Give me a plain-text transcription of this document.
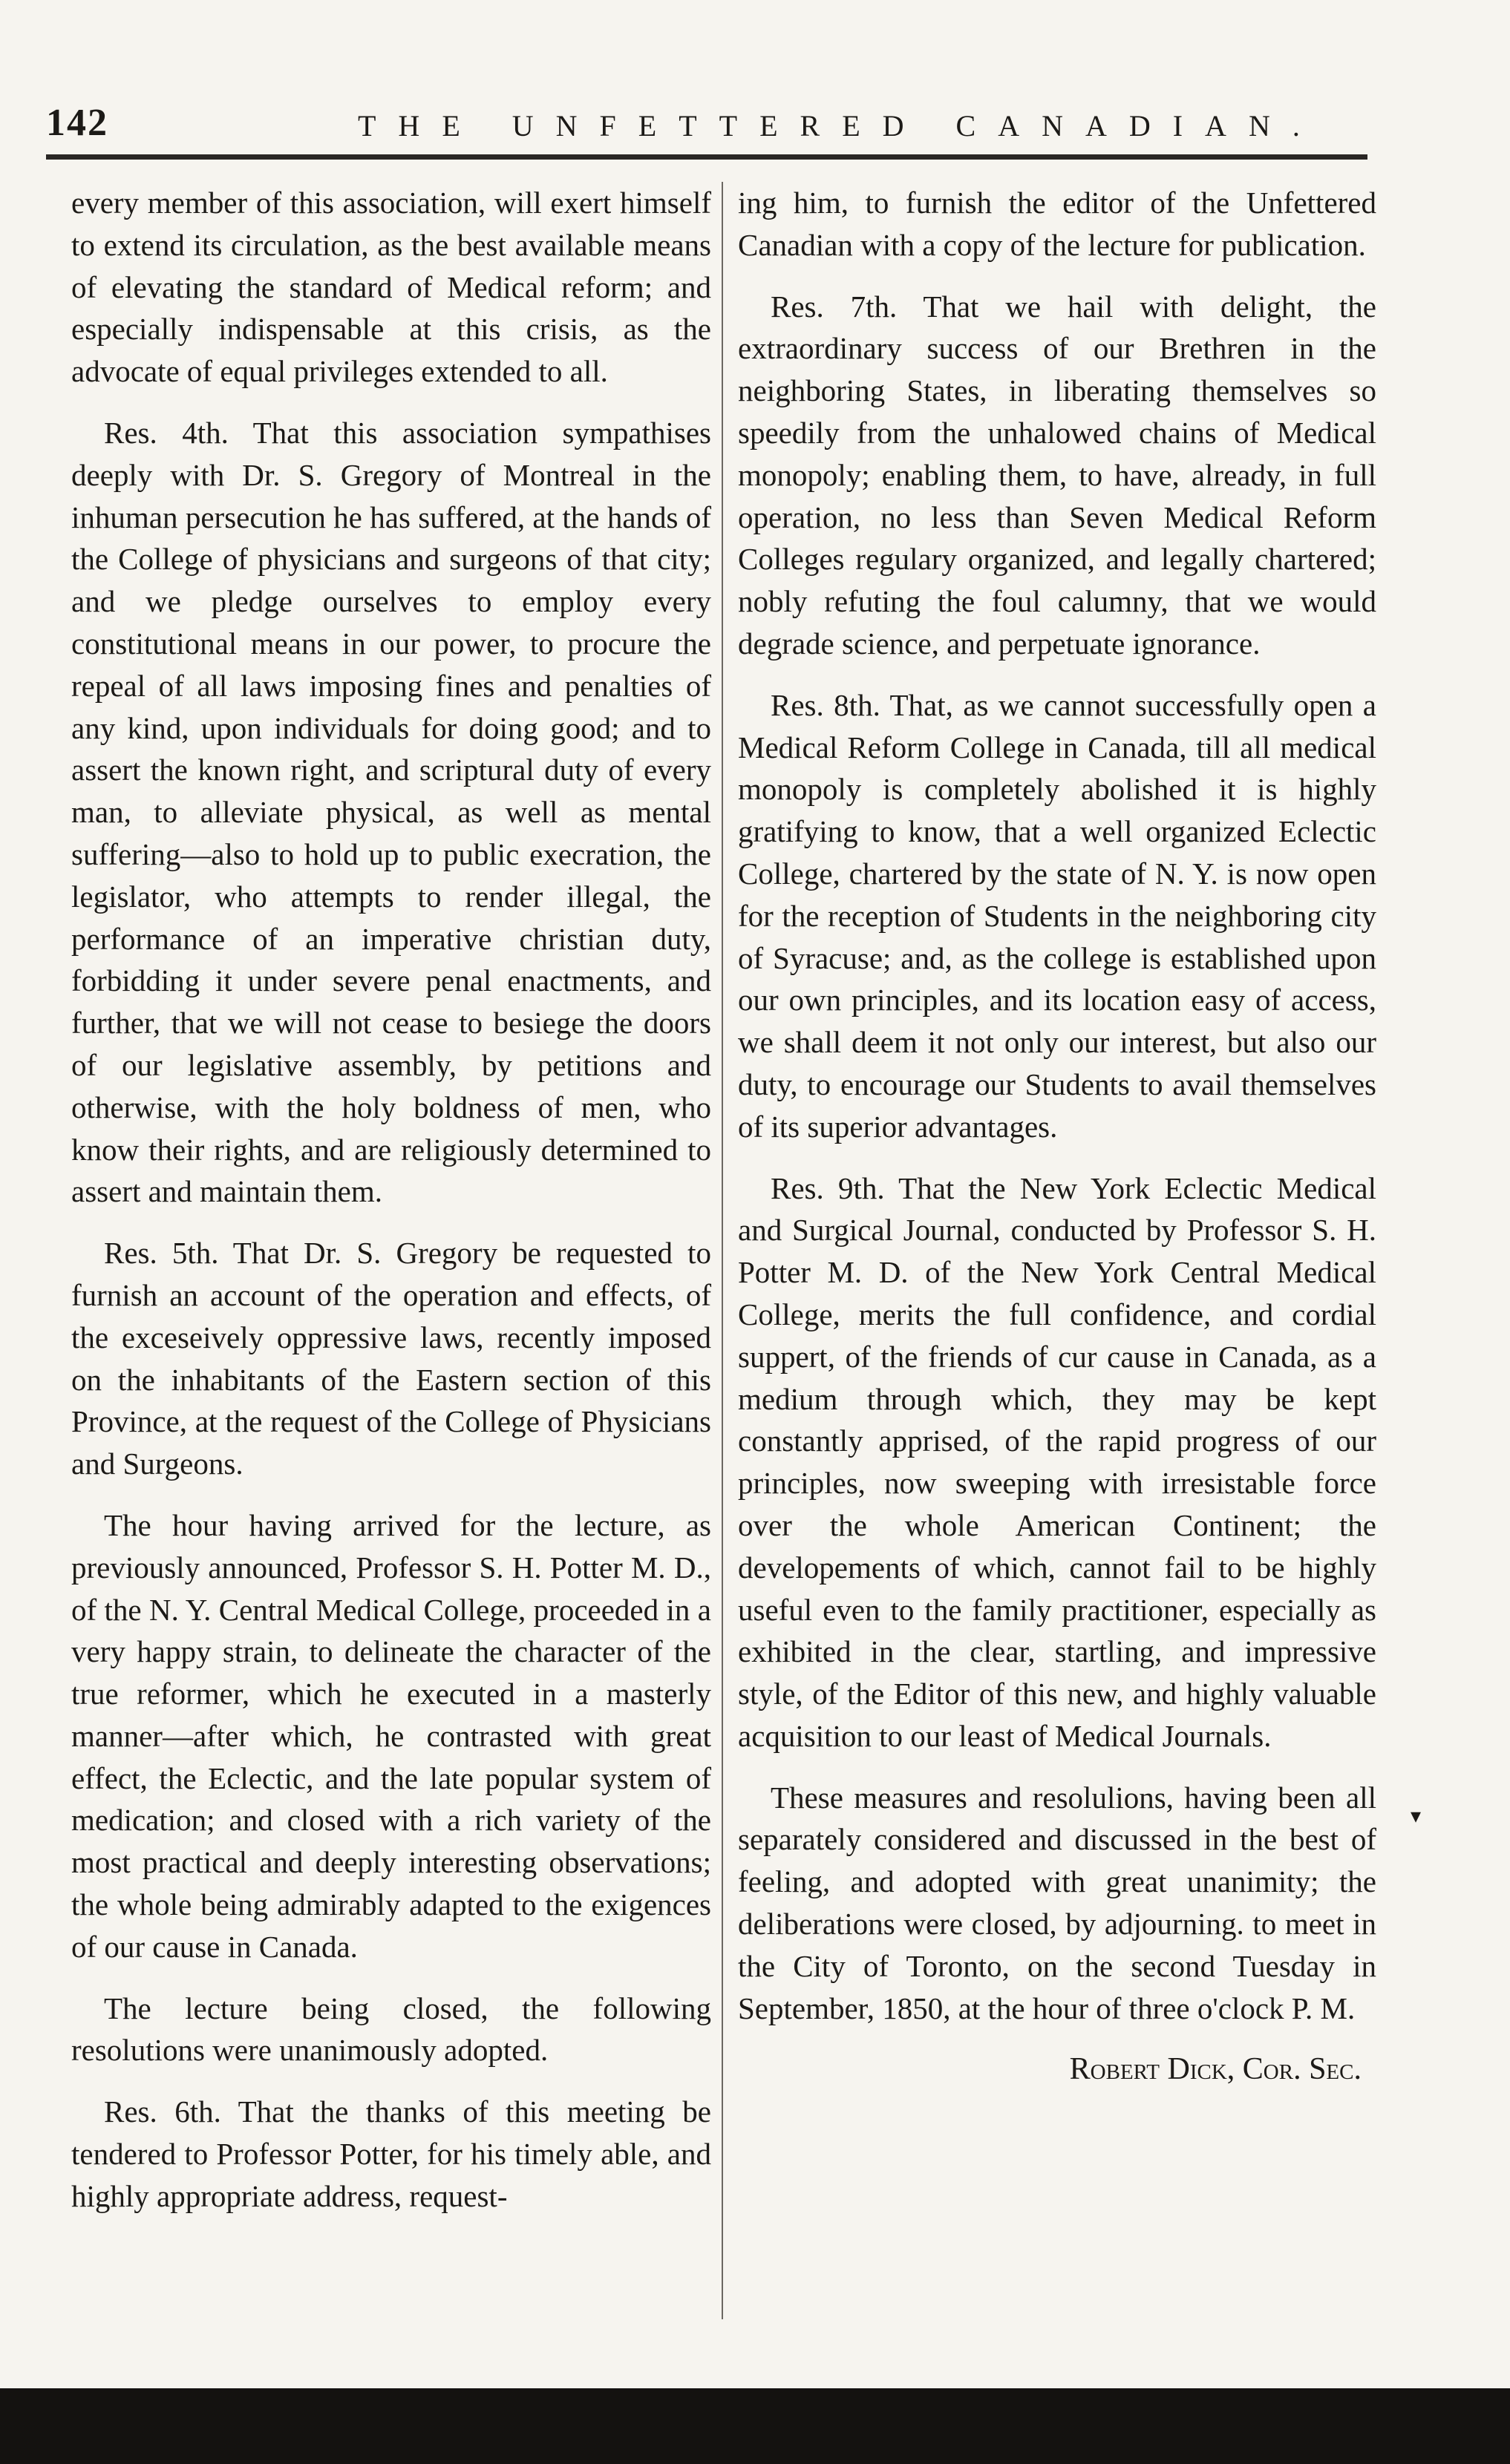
142	THE UNFETTERED CANADIAN.

every member of this association, will exert himself to extend its circulation, as the best available means of elevating the standard of Medical reform; and especially indispensable at this crisis, as the advocate of equal privileges extended to all.

Res. 4th. That this association sympathises deeply with Dr. S. Gregory of Montreal in the inhuman persecution he has suffered, at the hands of the College of physicians and surgeons of that city; and we pledge ourselves to employ every constitutional means in our power, to procure the repeal of all laws imposing fines and penalties of any kind, upon individuals for doing good; and to assert the known right, and scriptural duty of every man, to alleviate physical, as well as mental suffering—also to hold up to public execration, the legislator, who attempts to render illegal, the performance of an imperative christian duty, forbidding it under severe penal enactments, and further, that we will not cease to besiege the doors of our legislative assembly, by petitions and otherwise, with the holy boldness of men, who know their rights, and are religiously determined to assert and maintain them.

Res. 5th. That Dr. S. Gregory be requested to furnish an account of the operation and effects, of the exceseively oppressive laws, recently imposed on the inhabitants of the Eastern section of this Province, at the request of the College of Physicians and Surgeons.

The hour having arrived for the lecture, as previously announced, Professor S. H. Potter M. D., of the N. Y. Central Medical College, proceeded in a very happy strain, to delineate the character of the true reformer, which he executed in a masterly manner—after which, he contrasted with great effect, the Eclectic, and the late popular system of medication; and closed with a rich variety of the most practical and deeply interesting observations; the whole being admirably adapted to the exigences of our cause in Canada.

The lecture being closed, the following resolutions were unanimously adopted.

Res. 6th. That the thanks of this meeting be tendered to Professor Potter, for his timely able, and highly appropriate address, request-

ing him, to furnish the editor of the Unfettered Canadian with a copy of the lecture for publication.

Res. 7th. That we hail with delight, the extraordinary success of our Brethren in the neighboring States, in liberating themselves so speedily from the unhalowed chains of Medical monopoly; enabling them, to have, already, in full operation, no less than Seven Medical Reform Colleges regulary organized, and legally chartered; nobly refuting the foul calumny, that we would degrade science, and perpetuate ignorance.

Res. 8th. That, as we cannot successfully open a Medical Reform College in Canada, till all medical monopoly is completely abolished it is highly gratifying to know, that a well organized Eclectic College, chartered by the state of N. Y. is now open for the reception of Students in the neighboring city of Syracuse; and, as the college is established upon our own principles, and its location easy of access, we shall deem it not only our interest, but also our duty, to encourage our Students to avail themselves of its superior advantages.

Res. 9th. That the New York Eclectic Medical and Surgical Journal, conducted by Professor S. H. Potter M. D. of the New York Central Medical College, merits the full confidence, and cordial suppert, of the friends of cur cause in Canada, as a medium through which, they may be kept constantly apprised, of the rapid progress of our principles, now sweeping with irresistable force over the whole American Continent; the developements of which, cannot fail to be highly useful even to the family practitioner, especially as exhibited in the clear, startling, and impressive style, of the Editor of this new, and highly valuable acquisition to our least of Medical Journals.

These measures and resolulions, having been all separately considered and discussed in the best of feeling, and adopted with great unanimity; the deliberations were closed, by adjourning. to meet in the City of Toronto, on the second Tuesday in September, 1850, at the hour of three o'clock P. M.

Robert Dick, Cor. Sec.
▾
